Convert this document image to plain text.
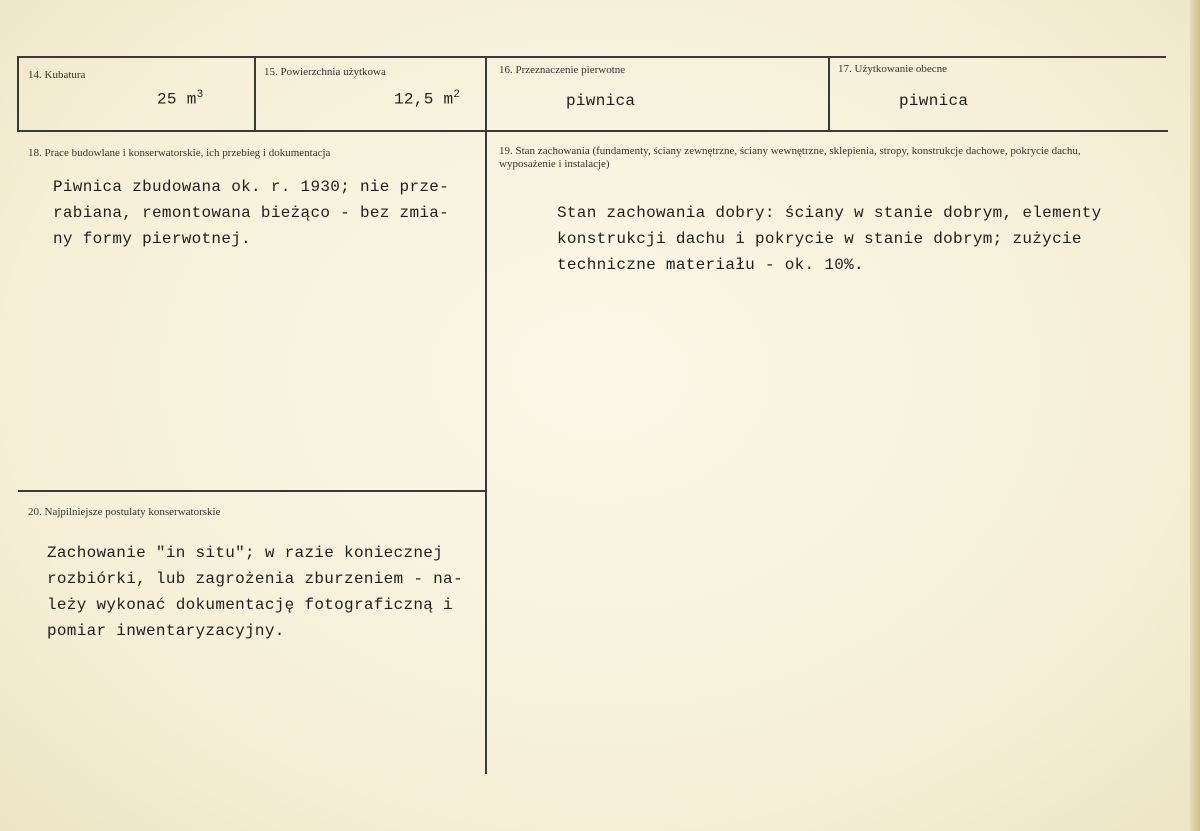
14. Kubatura
25 $m^3$
15. Powierzchnia użytkowa
12,5 $m^2$
16. Przeznaczenie pierwotne
piwnica
17. Użytkowanie obecne
piwnica
18. Prace budowlane i konserwatorskie, ich przebieg i dokumentacja
Piwnica zbudowana ok. r. 1930; nie prze-
rabiana, remontowana bieżąco - bez zmia-
ny formy pierwotnej.
19. Stan zachowania (fundamenty, ściany zewnętrzne, ściany wewnętrzne, sklepienia, stropy, konstrukcje dachowe, pokrycie dachu, wyposażenie i instalacje)
Stan zachowania dobry: ściany w stanie dobrym, elementy
konstrukcji dachu i pokrycie w stanie dobrym; zużycie
techniczne materiału - ok. 10%.
20. Najpilniejsze postulaty konserwatorskie
Zachowanie "in situ"; w razie koniecznej
rozbiórki, lub zagrożenia zburzeniem - na-
leży wykonać dokumentację fotograficzną i
pomiar inwentaryzacyjny.
